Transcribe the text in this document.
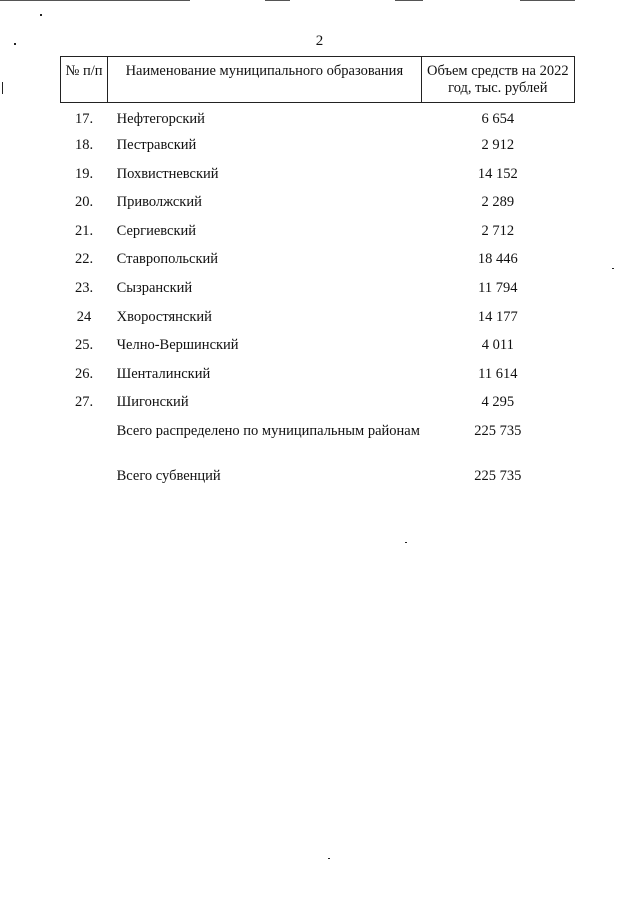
2
№ п/п	Наименование муниципального образования	Объем средств на 2022 год, тыс. рублей
17.	Нефтегорский	6 654
18.	Пестравский	2 912
19.	Похвистневский	14 152
20.	Приволжский	2 289
21.	Сергиевский	2 712
22.	Ставропольский	18 446
23.	Сызранский	11 794
24	Хворостянский	14 177
25.	Челно-Вершинский	4 011
26.	Шенталинский	11 614
27.	Шигонский	4 295
	Всего распределено по муниципальным районам	225 735
	Всего субвенций	225 735
